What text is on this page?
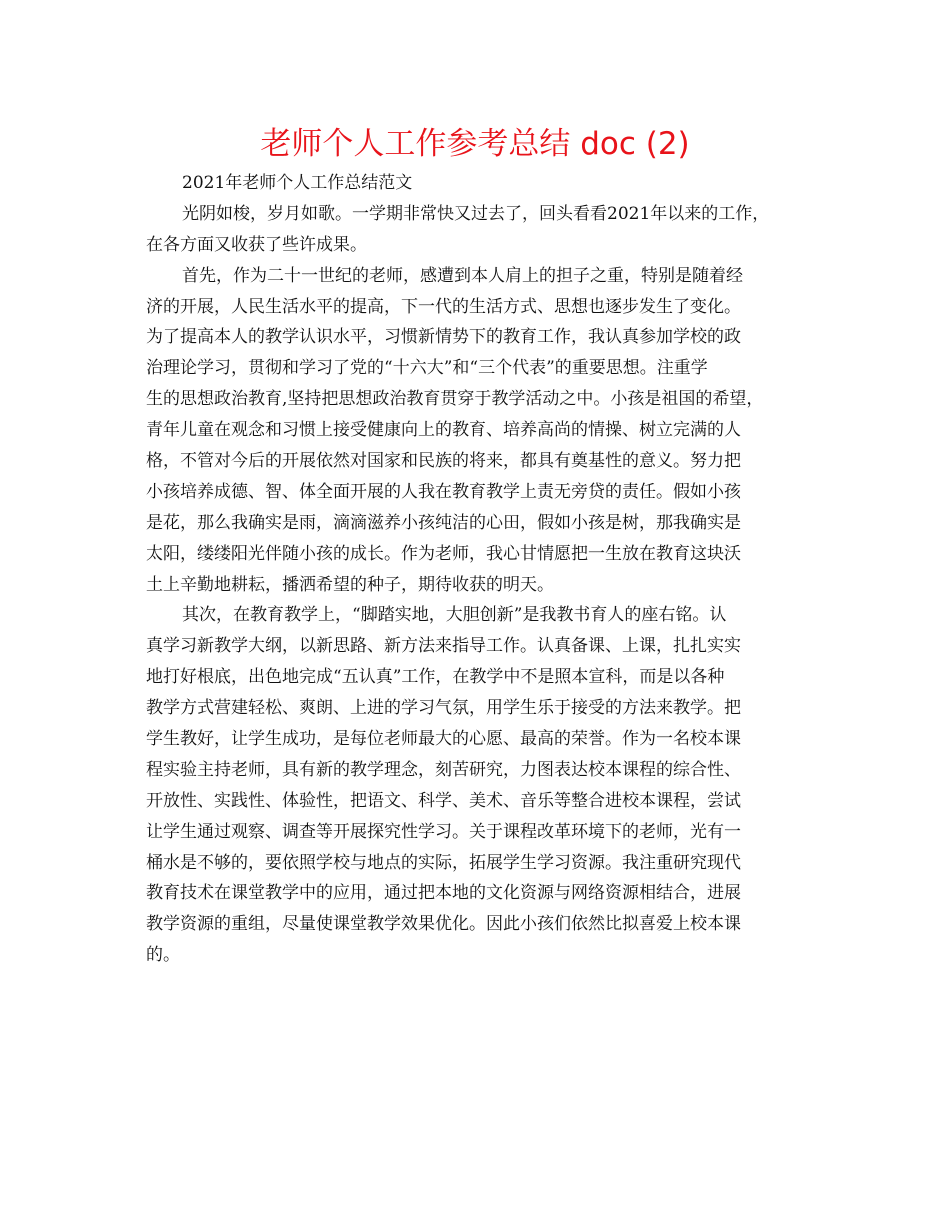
老师个人工作参考总结 doc (2)
2021年老师个人工作总结范文
光阴如梭，岁月如歌。一学期非常快又过去了，回头看看2021年以来的工作，
在各方面又收获了些许成果。
首先，作为二十一世纪的老师，感遭到本人肩上的担子之重，特别是随着经
济的开展，人民生活水平的提高，下一代的生活方式、思想也逐步发生了变化。
为了提高本人的教学认识水平，习惯新情势下的教育工作，我认真参加学校的政
治理论学习，贯彻和学习了党的“十六大”和“三个代表”的重要思想。注重学
生的思想政治教育,坚持把思想政治教育贯穿于教学活动之中。小孩是祖国的希望，
青年儿童在观念和习惯上接受健康向上的教育、培养高尚的情操、树立完满的人
格，不管对今后的开展依然对国家和民族的将来，都具有奠基性的意义。努力把
小孩培养成德、智、体全面开展的人我在教育教学上责无旁贷的责任。假如小孩
是花，那么我确实是雨，滴滴滋养小孩纯洁的心田，假如小孩是树，那我确实是
太阳，缕缕阳光伴随小孩的成长。作为老师，我心甘情愿把一生放在教育这块沃
土上辛勤地耕耘，播洒希望的种子，期待收获的明天。
其次，在教育教学上，“脚踏实地，大胆创新”是我教书育人的座右铭。认
真学习新教学大纲，以新思路、新方法来指导工作。认真备课、上课，扎扎实实
地打好根底，出色地完成“五认真”工作，在教学中不是照本宣科，而是以各种
教学方式营建轻松、爽朗、上进的学习气氛，用学生乐于接受的方法来教学。把
学生教好，让学生成功，是每位老师最大的心愿、最高的荣誉。作为一名校本课
程实验主持老师，具有新的教学理念，刻苦研究，力图表达校本课程的综合性、
开放性、实践性、体验性，把语文、科学、美术、音乐等整合进校本课程，尝试
让学生通过观察、调查等开展探究性学习。关于课程改革环境下的老师，光有一
桶水是不够的，要依照学校与地点的实际，拓展学生学习资源。我注重研究现代
教育技术在课堂教学中的应用，通过把本地的文化资源与网络资源相结合，进展
教学资源的重组，尽量使课堂教学效果优化。因此小孩们依然比拟喜爱上校本课
的。
